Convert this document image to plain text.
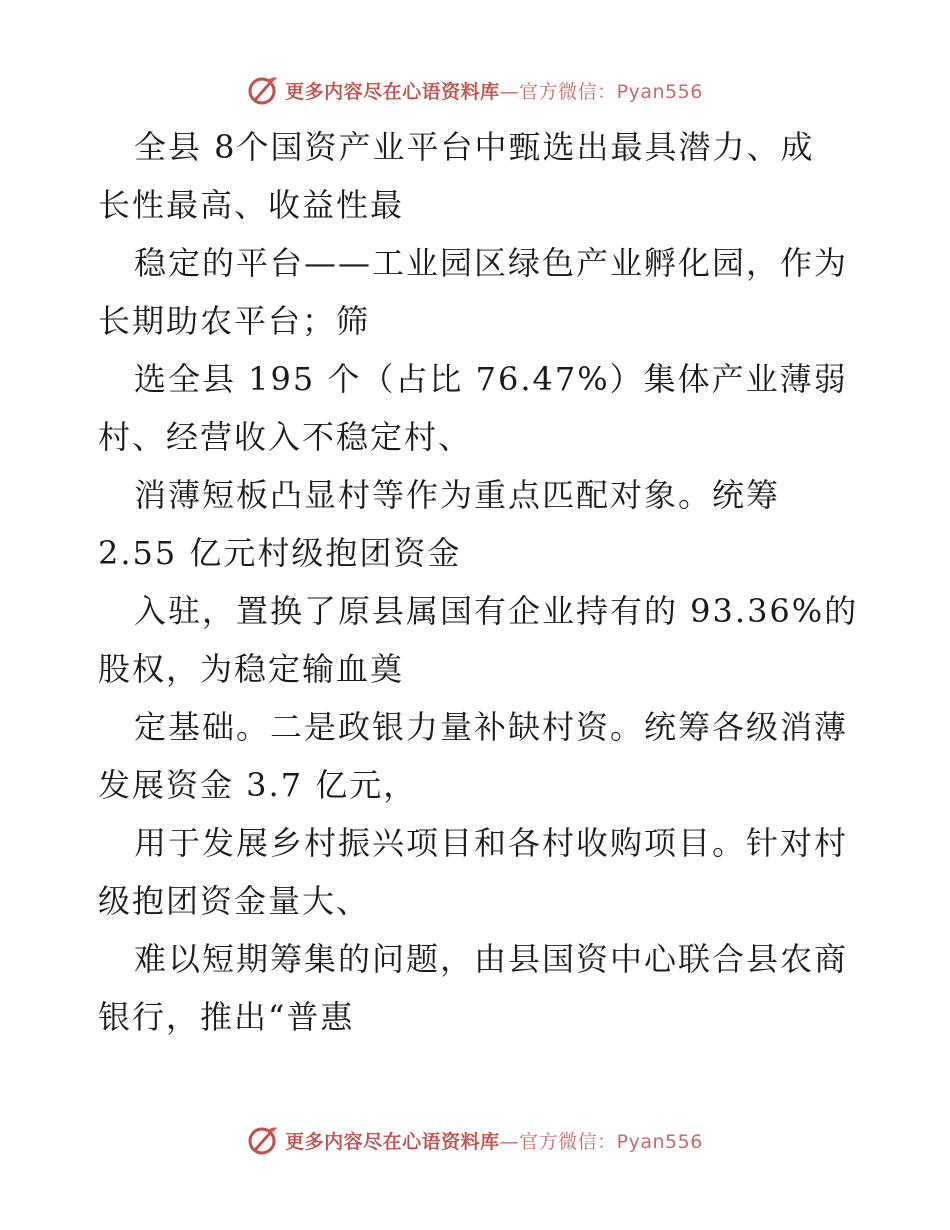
更多内容尽在心语资料库—官方微信：Pyan556
全县 8个国资产业平台中甄选出最具潜力、成
长性最高、收益性最
稳定的平台——工业园区绿色产业孵化园，作为
长期助农平台；筛
选全县 195 个（占比 76.47%）集体产业薄弱
村、经营收入不稳定村、
消薄短板凸显村等作为重点匹配对象。统筹
2.55 亿元村级抱团资金
入驻，置换了原县属国有企业持有的 93.36%的
股权，为稳定输血奠
定基础。二是政银力量补缺村资。统筹各级消薄
发展资金 3.7 亿元，
用于发展乡村振兴项目和各村收购项目。针对村
级抱团资金量大、
难以短期筹集的问题，由县国资中心联合县农商
银行，推出“普惠
更多内容尽在心语资料库—官方微信：Pyan556
